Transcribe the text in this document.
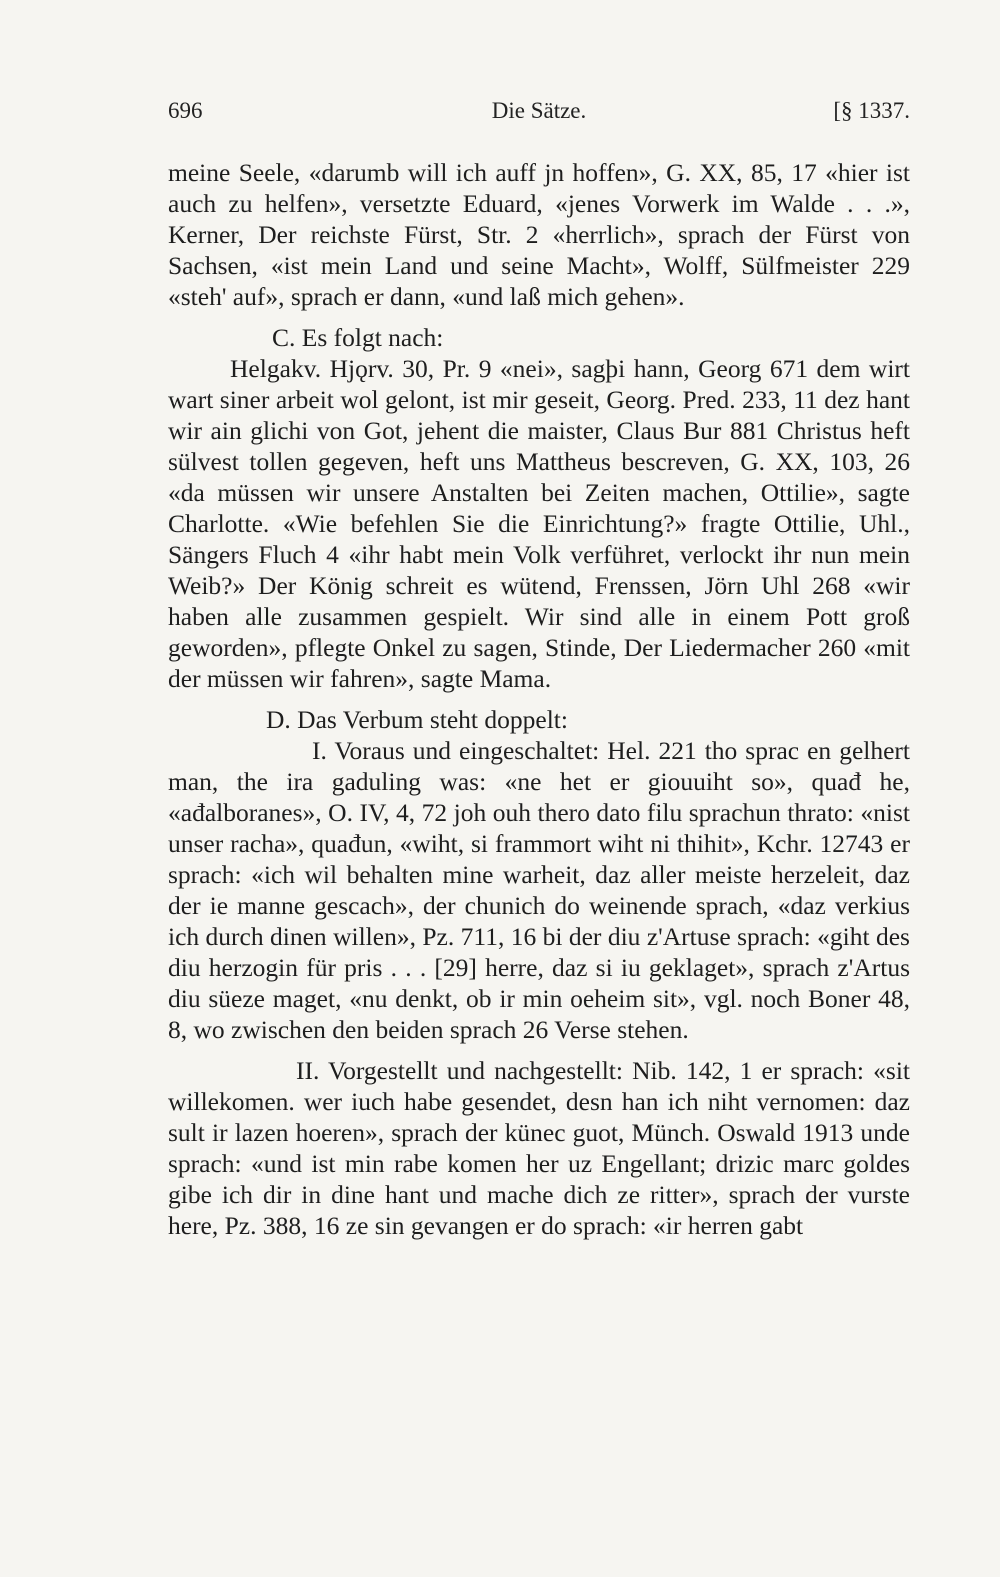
696	Die Sätze.	[§ 1337.

meine Seele, «darumb will ich auff jn hoffen», G. XX, 85, 17 «hier ist auch zu helfen», versetzte Eduard, «jenes Vorwerk im Walde . . .», Kerner, Der reichste Fürst, Str. 2 «herrlich», sprach der Fürst von Sachsen, «ist mein Land und seine Macht», Wolff, Sülfmeister 229 «steh' auf», sprach er dann, «und laß mich gehen».

C. Es folgt nach:

Helgakv. Hjǫrv. 30, Pr. 9 «nei», sagþi hann, Georg 671 dem wirt wart siner arbeit wol gelont, ist mir geseit, Georg. Pred. 233, 11 dez hant wir ain glichi von Got, jehent die maister, Claus Bur 881 Christus heft sülvest tollen gegeven, heft uns Mattheus bescreven, G. XX, 103, 26 «da müssen wir unsere Anstalten bei Zeiten machen, Ottilie», sagte Charlotte. «Wie befehlen Sie die Einrichtung?» fragte Ottilie, Uhl., Sängers Fluch 4 «ihr habt mein Volk verführet, verlockt ihr nun mein Weib?» Der König schreit es wütend, Frenssen, Jörn Uhl 268 «wir haben alle zusammen gespielt. Wir sind alle in einem Pott groß geworden», pflegte Onkel zu sagen, Stinde, Der Liedermacher 260 «mit der müssen wir fahren», sagte Mama.

D. Das Verbum steht doppelt:

I. Voraus und eingeschaltet: Hel. 221 tho sprac en gelhert man, the ira gaduling was: «ne het er giouuiht so», quađ he, «ađalboranes», O. IV, 4, 72 joh ouh thero dato filu sprachun thrato: «nist unser racha», quađun, «wiht, si frammort wiht ni thihit», Kchr. 12743 er sprach: «ich wil behalten mine warheit, daz aller meiste herzeleit, daz der ie manne gescach», der chunich do weinende sprach, «daz verkius ich durch dinen willen», Pz. 711, 16 bi der diu z'Artuse sprach: «giht des diu herzogin für pris . . . [29] herre, daz si iu geklaget», sprach z'Artus diu süeze maget, «nu denkt, ob ir min oeheim sit», vgl. noch Boner 48, 8, wo zwischen den beiden sprach 26 Verse stehen.

II. Vorgestellt und nachgestellt: Nib. 142, 1 er sprach: «sit willekomen. wer iuch habe gesendet, desn han ich niht vernomen: daz sult ir lazen hoeren», sprach der künec guot, Münch. Oswald 1913 unde sprach: «und ist min rabe komen her uz Engellant; drizic marc goldes gibe ich dir in dine hant und mache dich ze ritter», sprach der vurste here, Pz. 388, 16 ze sin gevangen er do sprach: «ir herren gabt
